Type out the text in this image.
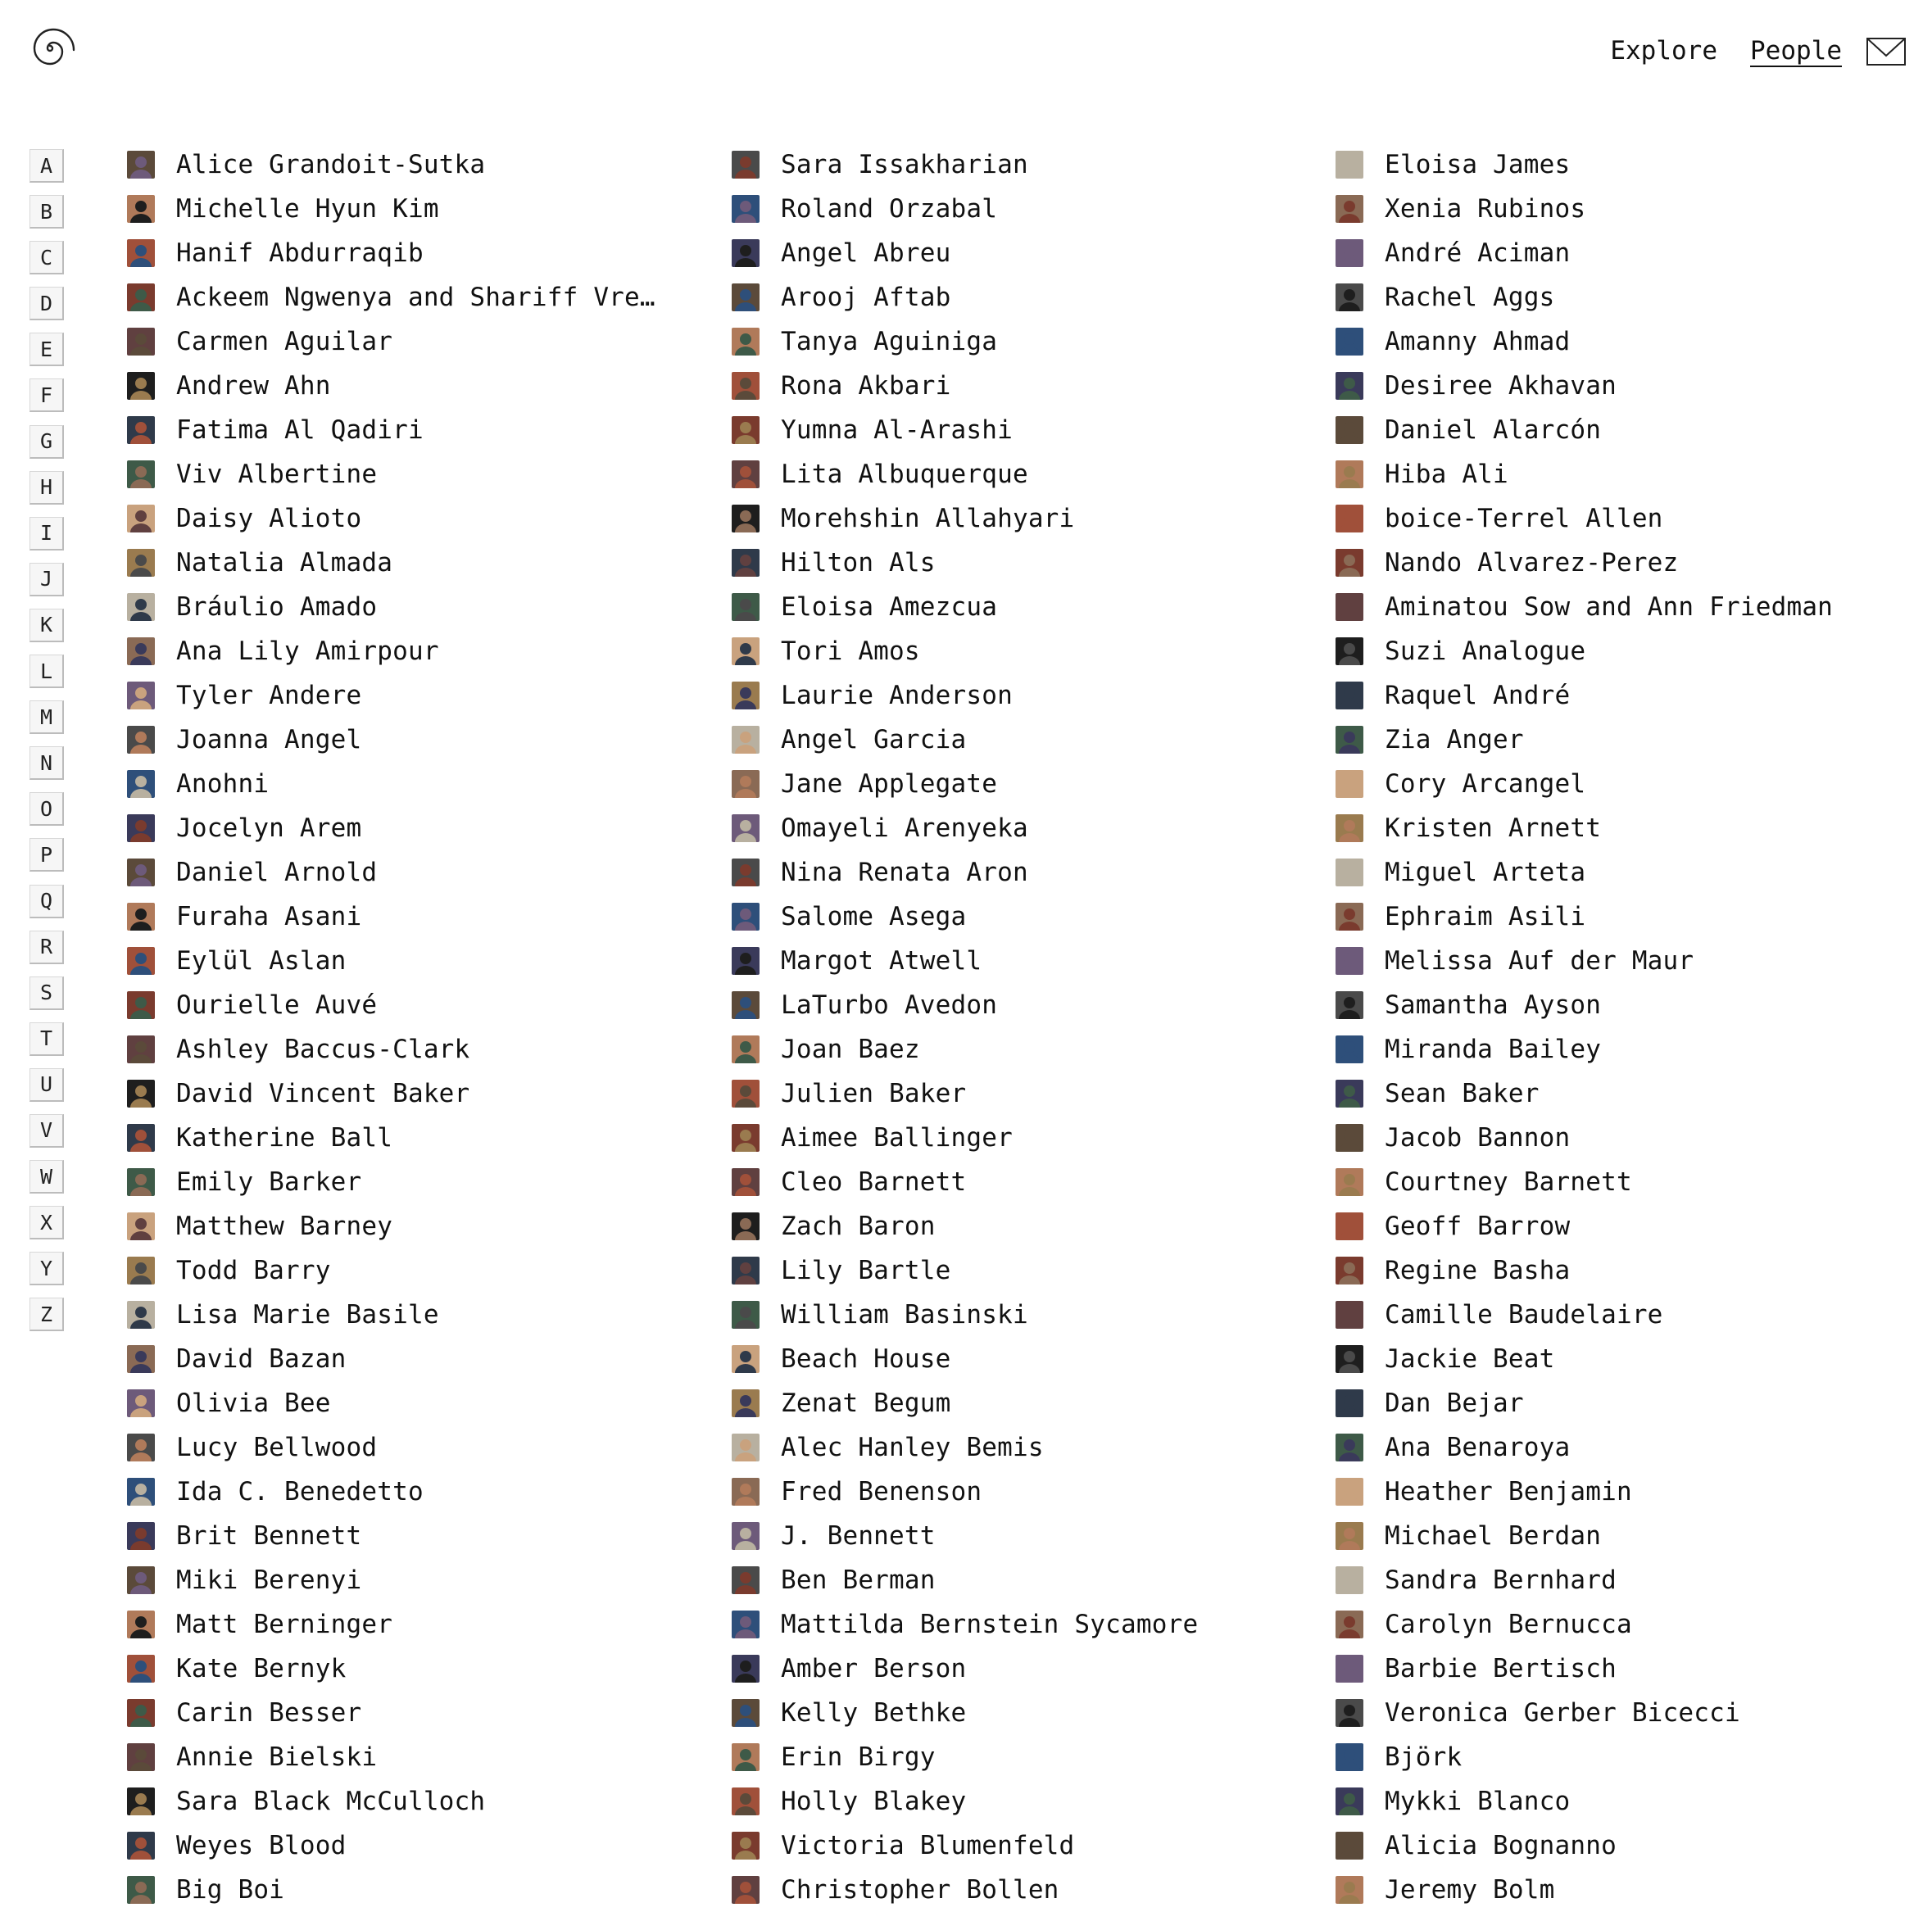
Explore People
A
B
C
D
E
F
G
H
I
J
K
L
M
N
O
P
Q
R
S
T
U
V
W
X
Y
Z
Alice Grandoit-Sutka
Michelle Hyun Kim
Hanif Abdurraqib
Ackeem Ngwenya and Shariff Vre…
Carmen Aguilar
Andrew Ahn
Fatima Al Qadiri
Viv Albertine
Daisy Alioto
Natalia Almada
Bráulio Amado
Ana Lily Amirpour
Tyler Andere
Joanna Angel
Anohni
Jocelyn Arem
Daniel Arnold
Furaha Asani
Eylül Aslan
Ourielle Auvé
Ashley Baccus-Clark
David Vincent Baker
Katherine Ball
Emily Barker
Matthew Barney
Todd Barry
Lisa Marie Basile
David Bazan
Olivia Bee
Lucy Bellwood
Ida C. Benedetto
Brit Bennett
Miki Berenyi
Matt Berninger
Kate Bernyk
Carin Besser
Annie Bielski
Sara Black McCulloch
Weyes Blood
Big Boi
Sara Issakharian
Roland Orzabal
Angel Abreu
Arooj Aftab
Tanya Aguiniga
Rona Akbari
Yumna Al-Arashi
Lita Albuquerque
Morehshin Allahyari
Hilton Als
Eloisa Amezcua
Tori Amos
Laurie Anderson
Angel Garcia
Jane Applegate
Omayeli Arenyeka
Nina Renata Aron
Salome Asega
Margot Atwell
LaTurbo Avedon
Joan Baez
Julien Baker
Aimee Ballinger
Cleo Barnett
Zach Baron
Lily Bartle
William Basinski
Beach House
Zenat Begum
Alec Hanley Bemis
Fred Benenson
J. Bennett
Ben Berman
Mattilda Bernstein Sycamore
Amber Berson
Kelly Bethke
Erin Birgy
Holly Blakey
Victoria Blumenfeld
Christopher Bollen
Eloisa James
Xenia Rubinos
André Aciman
Rachel Aggs
Amanny Ahmad
Desiree Akhavan
Daniel Alarcón
Hiba Ali
boice-Terrel Allen
Nando Alvarez-Perez
Aminatou Sow and Ann Friedman
Suzi Analogue
Raquel André
Zia Anger
Cory Arcangel
Kristen Arnett
Miguel Arteta
Ephraim Asili
Melissa Auf der Maur
Samantha Ayson
Miranda Bailey
Sean Baker
Jacob Bannon
Courtney Barnett
Geoff Barrow
Regine Basha
Camille Baudelaire
Jackie Beat
Dan Bejar
Ana Benaroya
Heather Benjamin
Michael Berdan
Sandra Bernhard
Carolyn Bernucca
Barbie Bertisch
Veronica Gerber Bicecci
Björk
Mykki Blanco
Alicia Bognanno
Jeremy Bolm
